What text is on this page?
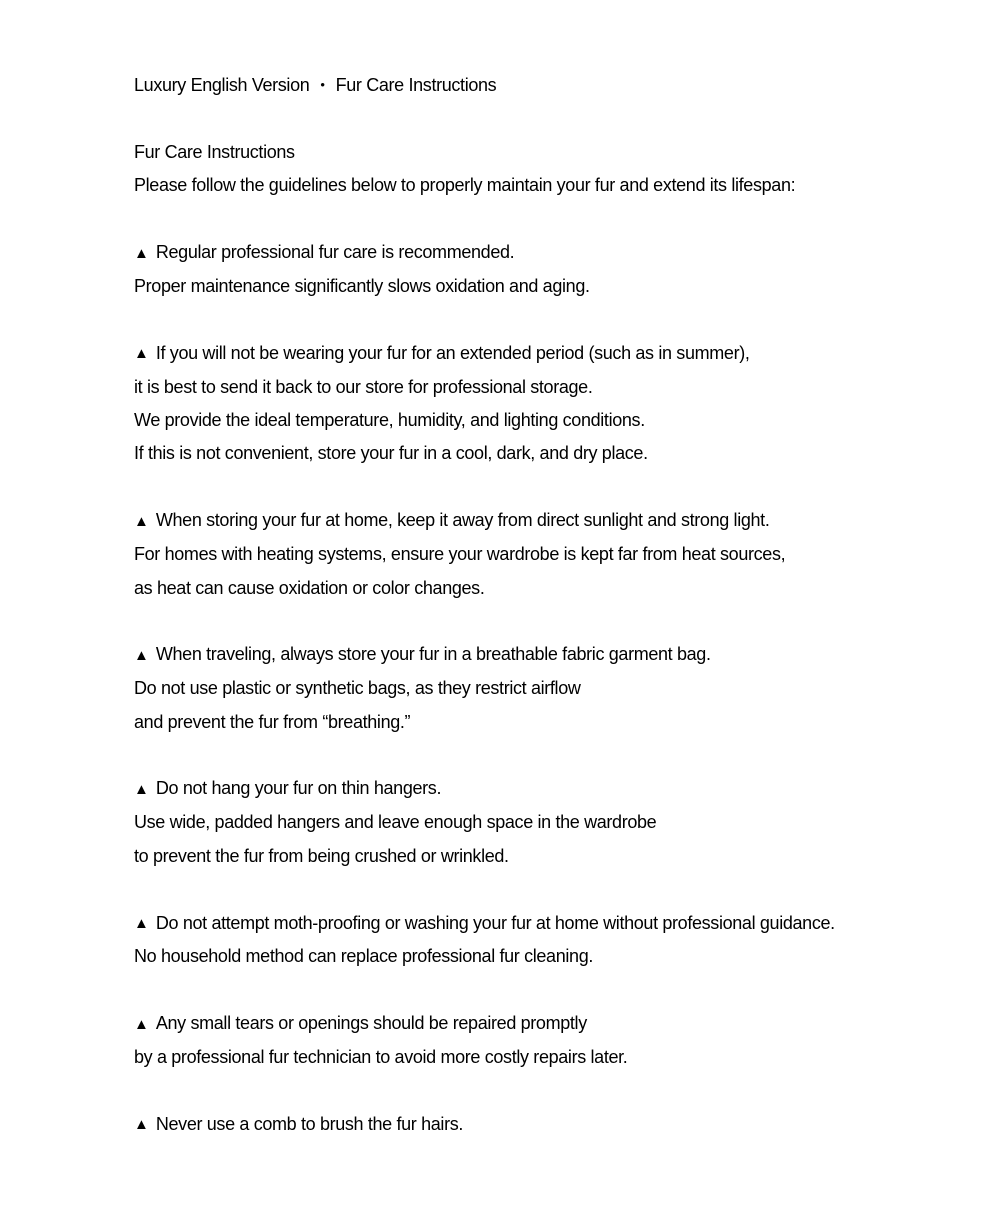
Luxury English Version • Fur Care Instructions
Fur Care Instructions
Please follow the guidelines below to properly maintain your fur and extend its lifespan:
▲ Regular professional fur care is recommended.
Proper maintenance significantly slows oxidation and aging.
▲ If you will not be wearing your fur for an extended period (such as in summer),
it is best to send it back to our store for professional storage.
We provide the ideal temperature, humidity, and lighting conditions.
If this is not convenient, store your fur in a cool, dark, and dry place.
▲ When storing your fur at home, keep it away from direct sunlight and strong light.
For homes with heating systems, ensure your wardrobe is kept far from heat sources,
as heat can cause oxidation or color changes.
▲ When traveling, always store your fur in a breathable fabric garment bag.
Do not use plastic or synthetic bags, as they restrict airflow
and prevent the fur from “breathing.”
▲ Do not hang your fur on thin hangers.
Use wide, padded hangers and leave enough space in the wardrobe
to prevent the fur from being crushed or wrinkled.
▲ Do not attempt moth-proofing or washing your fur at home without professional guidance.
No household method can replace professional fur cleaning.
▲ Any small tears or openings should be repaired promptly
by a professional fur technician to avoid more costly repairs later.
▲ Never use a comb to brush the fur hairs.
